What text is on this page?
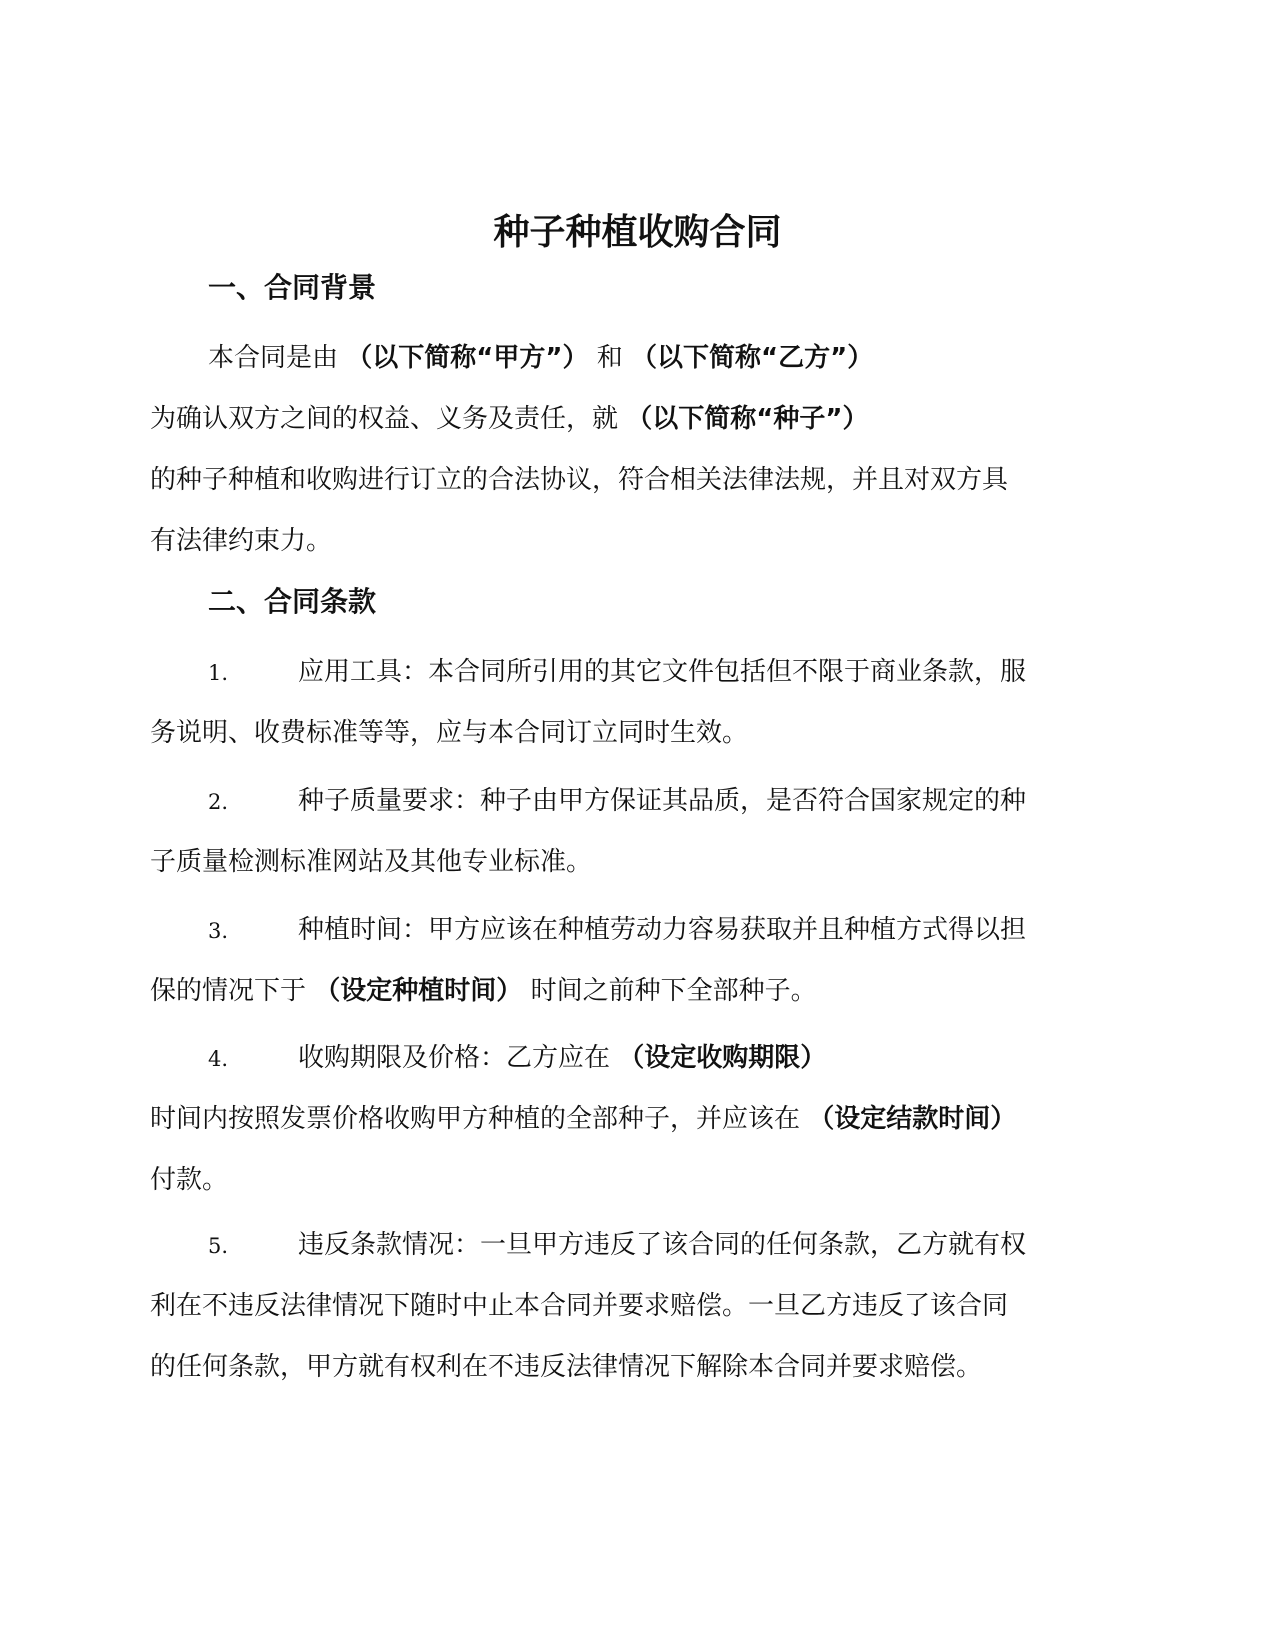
种子种植收购合同
一、合同背景
本合同是由 （以下简称“甲方”） 和 （以下简称“乙方”）
为确认双方之间的权益、义务及责任，就 （以下简称“种子”）
的种子种植和收购进行订立的合法协议，符合相关法律法规，并且对双方具
有法律约束力。
二、合同条款
1.	应用工具：本合同所引用的其它文件包括但不限于商业条款，服
务说明、收费标准等等，应与本合同订立同时生效。
2.	种子质量要求：种子由甲方保证其品质，是否符合国家规定的种
子质量检测标准网站及其他专业标准。
3.	种植时间：甲方应该在种植劳动力容易获取并且种植方式得以担
保的情况下于 （设定种植时间） 时间之前种下全部种子。
4.	收购期限及价格：乙方应在 （设定收购期限）
时间内按照发票价格收购甲方种植的全部种子，并应该在 （设定结款时间）
付款。
5.	违反条款情况：一旦甲方违反了该合同的任何条款，乙方就有权
利在不违反法律情况下随时中止本合同并要求赔偿。一旦乙方违反了该合同
的任何条款，甲方就有权利在不违反法律情况下解除本合同并要求赔偿。
